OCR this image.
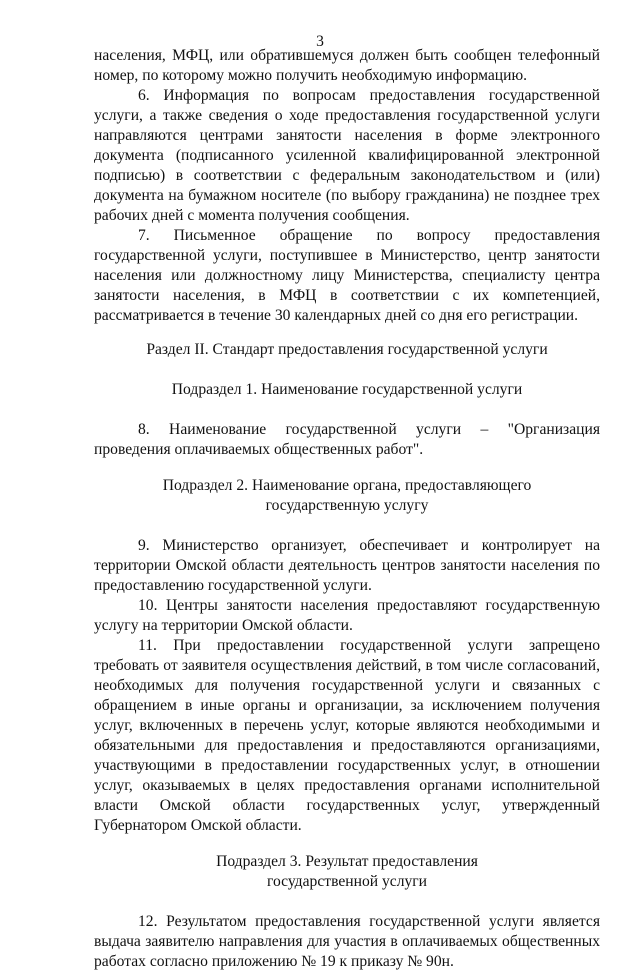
3

населения, МФЦ, или обратившемуся должен быть сообщен телефонный номер, по которому можно получить необходимую информацию.

6. Информация по вопросам предоставления государственной услуги, а также сведения о ходе предоставления государственной услуги направляются центрами занятости населения в форме электронного документа (подписанного усиленной квалифицированной электронной подписью) в соответствии с федеральным законодательством и (или) документа на бумажном носителе (по выбору гражданина) не позднее трех рабочих дней с момента получения сообщения.

7. Письменное обращение по вопросу предоставления государственной услуги, поступившее в Министерство, центр занятости населения или должностному лицу Министерства, специалисту центра занятости населения, в МФЦ в соответствии с их компетенцией, рассматривается в течение 30 календарных дней со дня его регистрации.

Раздел II. Стандарт предоставления государственной услуги

Подраздел 1. Наименование государственной услуги

8. Наименование государственной услуги – "Организация проведения оплачиваемых общественных работ".

Подраздел 2. Наименование органа, предоставляющего
государственную услугу

9. Министерство организует, обеспечивает и контролирует на территории Омской области деятельность центров занятости населения по предоставлению государственной услуги.

10. Центры занятости населения предоставляют государственную услугу на территории Омской области.

11. При предоставлении государственной услуги запрещено требовать от заявителя осуществления действий, в том числе согласований, необходимых для получения государственной услуги и связанных с обращением в иные органы и организации, за исключением получения услуг, включенных в перечень услуг, которые являются необходимыми и обязательными для предоставления и предоставляются организациями, участвующими в предоставлении государственных услуг, в отношении услуг, оказываемых в целях предоставления органами исполнительной власти Омской области государственных услуг, утвержденный Губернатором Омской области.

Подраздел 3. Результат предоставления
государственной услуги

12. Результатом предоставления государственной услуги является выдача заявителю направления для участия в оплачиваемых общественных работах согласно приложению № 19 к приказу № 90н.
